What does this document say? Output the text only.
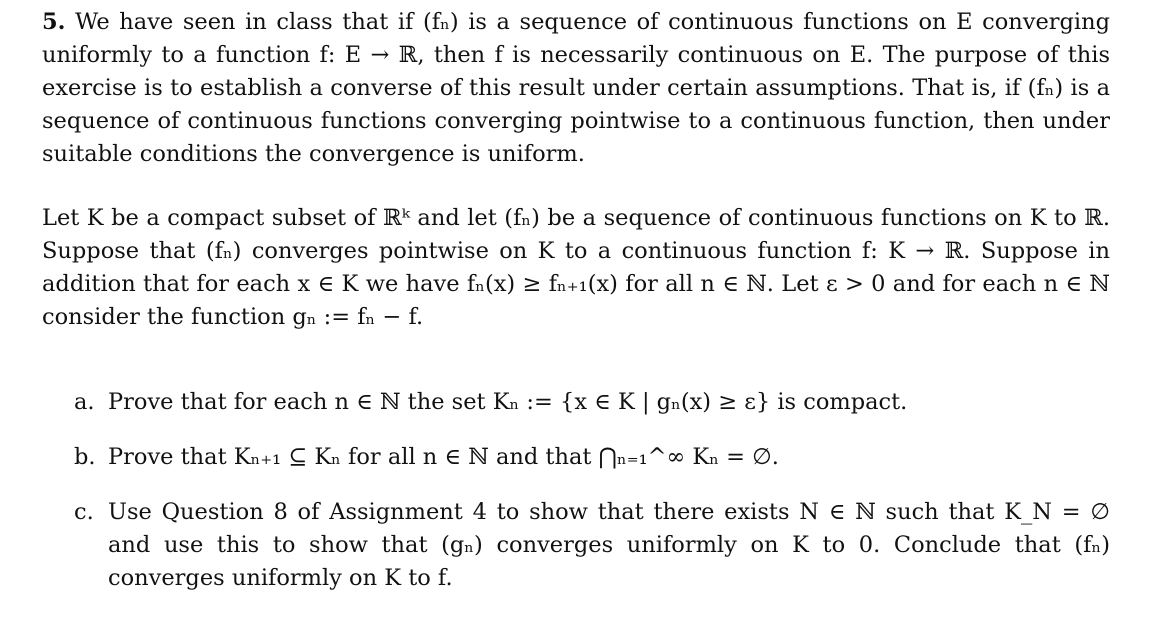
5. We have seen in class that if (fₙ) is a sequence of continuous functions on E converging uniformly to a function f: E → ℝ, then f is necessarily continuous on E. The purpose of this exercise is to establish a converse of this result under certain assumptions. That is, if (fₙ) is a sequence of continuous functions converging pointwise to a continuous function, then under suitable conditions the convergence is uniform.

Let K be a compact subset of ℝᵏ and let (fₙ) be a sequence of continuous functions on K to ℝ. Suppose that (fₙ) converges pointwise on K to a continuous function f: K → ℝ. Suppose in addition that for each x ∈ K we have fₙ(x) ≥ fₙ₊₁(x) for all n ∈ ℕ. Let ε > 0 and for each n ∈ ℕ consider the function gₙ := fₙ − f.

a. Prove that for each n ∈ ℕ the set Kₙ := {x ∈ K | gₙ(x) ≥ ε} is compact.
b. Prove that Kₙ₊₁ ⊆ Kₙ for all n ∈ ℕ and that ⋂ₙ₌₁^∞ Kₙ = ∅.
c. Use Question 8 of Assignment 4 to show that there exists N ∈ ℕ such that K_N = ∅ and use this to show that (gₙ) converges uniformly on K to 0. Conclude that (fₙ) converges uniformly on K to f.
